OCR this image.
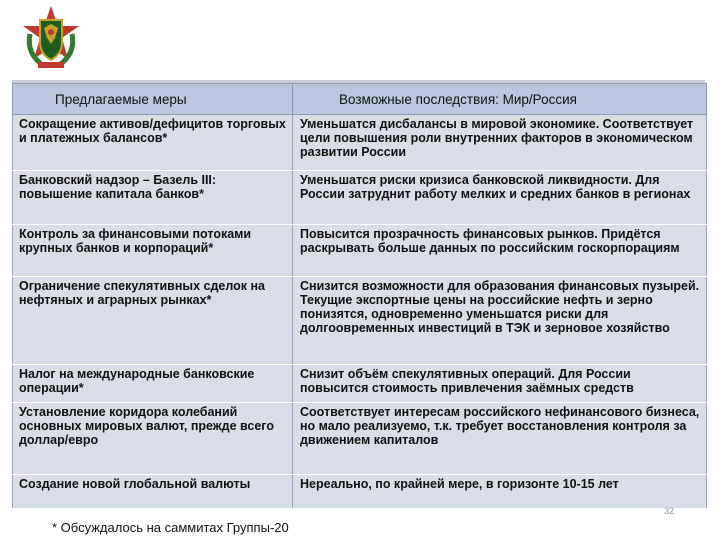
Предлагаемые меры	Возможные последствия: Мир/Россия
Сокращение активов/дефицитов торговых и платежных балансов*	Уменьшатся дисбалансы в мировой экономике. Соответствует цели повышения роли внутренних факторов в экономическом развитии России
Банковский надзор – Базель III: повышение капитала банков*	Уменьшатся риски кризиса банковской ликвидности. Для России затруднит работу мелких и средних банков в регионах
Контроль за финансовыми потоками крупных банков и корпораций*	Повысится прозрачность финансовых рынков. Придётся раскрывать больше данных по российским госкорпорациям
Ограничение спекулятивных сделок на нефтяных и аграрных рынках*	Снизится возможности для образования финансовых пузырей. Текущие экспортные цены на российские нефть и зерно понизятся, одновременно уменьшатся риски для долгоовременных инвестиций в ТЭК и зерновое хозяйство
Налог на международные банковские операции*	Снизит объём спекулятивных операций. Для России повысится стоимость привлечения заёмных средств
Установление коридора колебаний основных мировых валют, прежде всего доллар/евро	Соответствует интересам российского нефинансового бизнеса, но мало реализуемо, т.к. требует восстановления контроля за движением капиталов
Создание новой глобальной валюты	Нереально, по крайней мере, в горизонте 10-15 лет
* Обсуждалось на саммитах Группы-20
32
